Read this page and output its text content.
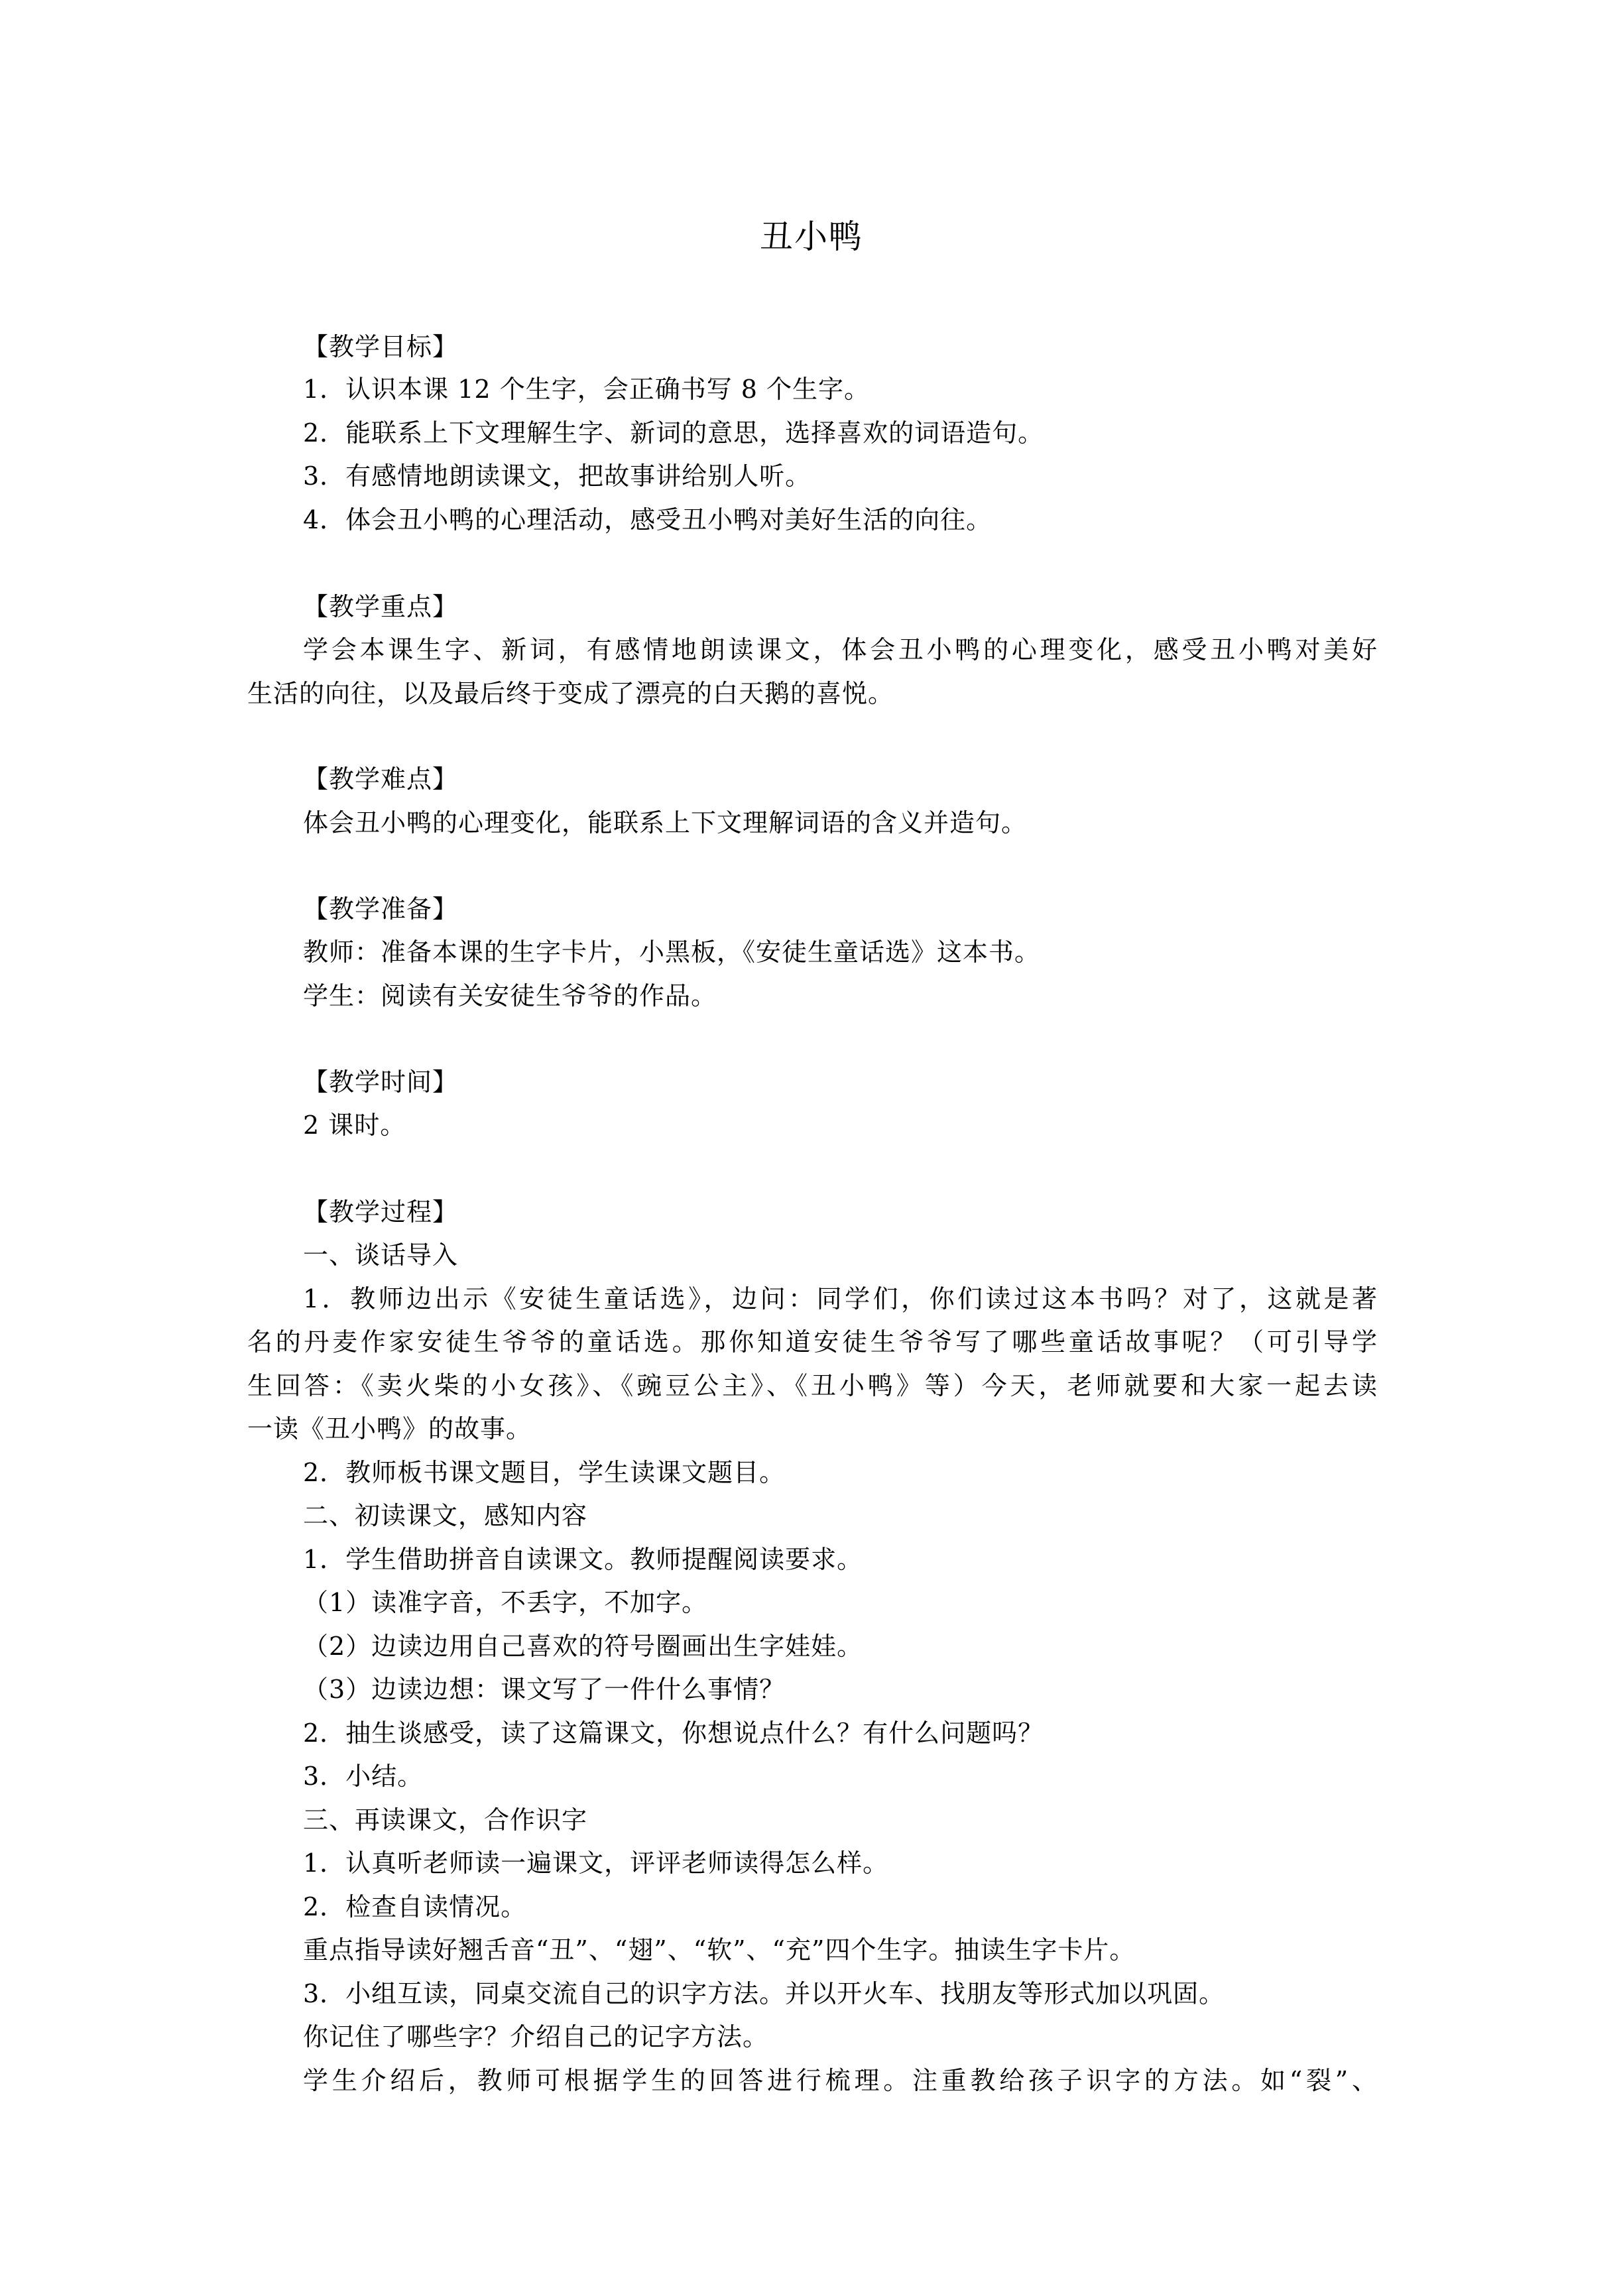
丑小鸭
【教学目标】
1．认识本课 12 个生字，会正确书写 8 个生字。
2．能联系上下文理解生字、新词的意思，选择喜欢的词语造句。
3．有感情地朗读课文，把故事讲给别人听。
4．体会丑小鸭的心理活动，感受丑小鸭对美好生活的向往。
【教学重点】
学会本课生字、新词，有感情地朗读课文，体会丑小鸭的心理变化，感受丑小鸭对美好
生活的向往，以及最后终于变成了漂亮的白天鹅的喜悦。
【教学难点】
体会丑小鸭的心理变化，能联系上下文理解词语的含义并造句。
【教学准备】
教师：准备本课的生字卡片，小黑板，《安徒生童话选》这本书。
学生：阅读有关安徒生爷爷的作品。
【教学时间】
2 课时。
【教学过程】
一、谈话导入
1．教师边出示《安徒生童话选》，边问：同学们，你们读过这本书吗？对了，这就是著
名的丹麦作家安徒生爷爷的童话选。那你知道安徒生爷爷写了哪些童话故事呢？（可引导学
生回答：《卖火柴的小女孩》、《豌豆公主》、《丑小鸭》等）今天，老师就要和大家一起去读
一读《丑小鸭》的故事。
2．教师板书课文题目，学生读课文题目。
二、初读课文，感知内容
1．学生借助拼音自读课文。教师提醒阅读要求。
（1）读准字音，不丢字，不加字。
（2）边读边用自己喜欢的符号圈画出生字娃娃。
（3）边读边想：课文写了一件什么事情？
2．抽生谈感受，读了这篇课文，你想说点什么？有什么问题吗？
3．小结。
三、再读课文，合作识字
1．认真听老师读一遍课文，评评老师读得怎么样。
2．检查自读情况。
重点指导读好翘舌音“丑”、“翅”、“软”、“充”四个生字。抽读生字卡片。
3．小组互读，同桌交流自己的识字方法。并以开火车、找朋友等形式加以巩固。
你记住了哪些字？介绍自己的记字方法。
学生介绍后，教师可根据学生的回答进行梳理。注重教给孩子识字的方法。如“裂”、
